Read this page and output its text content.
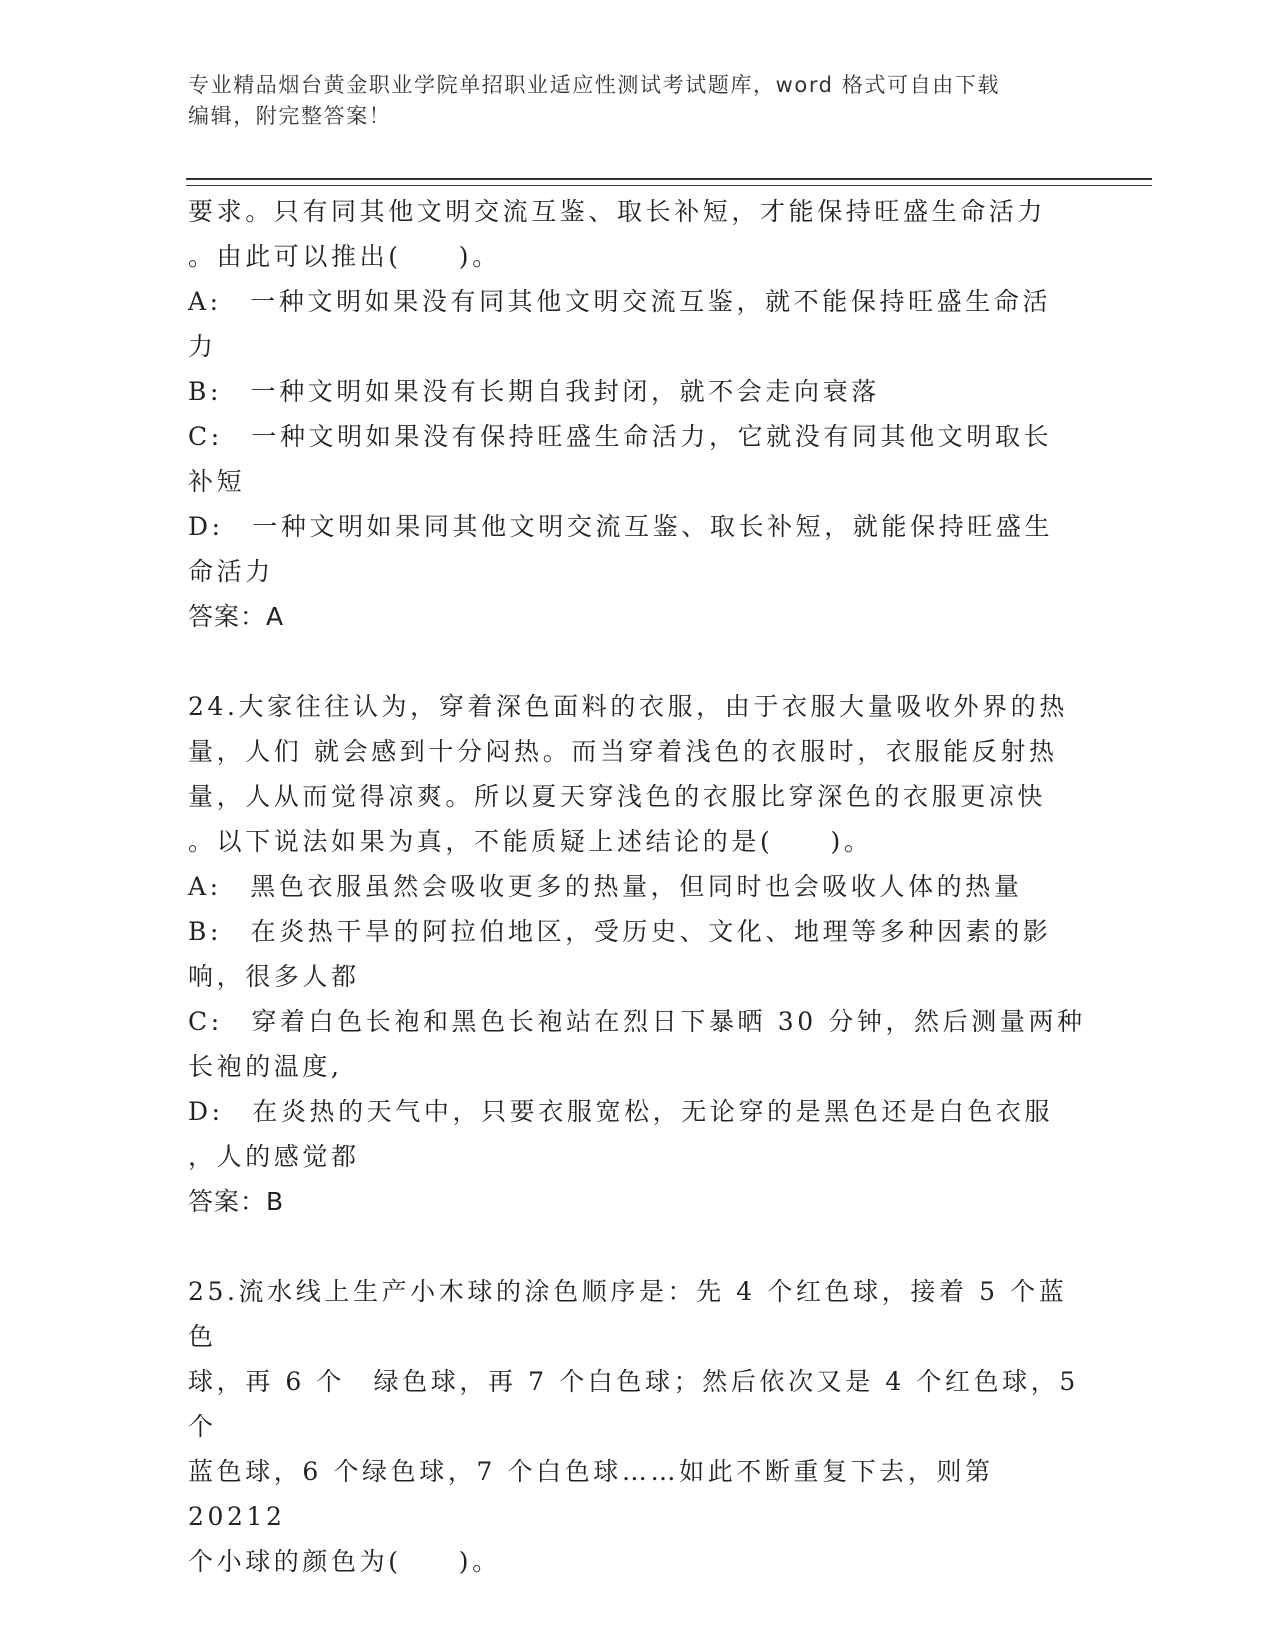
专业精品烟台黄金职业学院单招职业适应性测试考试题库，word 格式可自由下载
编辑，附完整答案！

要求。只有同其他文明交流互鉴、取长补短，才能保持旺盛生命活力

。由此可以推出(　　)。

A:　一种文明如果没有同其他文明交流互鉴，就不能保持旺盛生命活

力

B:　一种文明如果没有长期自我封闭，就不会走向衰落

C:　一种文明如果没有保持旺盛生命活力，它就没有同其他文明取长

补短

D:　一种文明如果同其他文明交流互鉴、取长补短，就能保持旺盛生

命活力

答案：A

24.大家往往认为，穿着深色面料的衣服，由于衣服大量吸收外界的热

量，人们 就会感到十分闷热。而当穿着浅色的衣服时，衣服能反射热

量，人从而觉得凉爽。所以夏天穿浅色的衣服比穿深色的衣服更凉快

。以下说法如果为真，不能质疑上述结论的是(　　)。

A:　黑色衣服虽然会吸收更多的热量，但同时也会吸收人体的热量

B:　在炎热干旱的阿拉伯地区，受历史、文化、地理等多种因素的影

响，很多人都

C:　穿着白色长袍和黑色长袍站在烈日下暴晒 30 分钟，然后测量两种

长袍的温度,

D:　在炎热的天气中，只要衣服宽松，无论穿的是黑色还是白色衣服

，人的感觉都

答案：B

25.流水线上生产小木球的涂色顺序是：先 4 个红色球，接着 5 个蓝色

球，再 6 个　绿色球，再 7 个白色球；然后依次又是 4 个红色球，5 个

蓝色球，6 个绿色球，7 个白色球……如此不断重复下去，则第 20212

个小球的颜色为(　　)。
